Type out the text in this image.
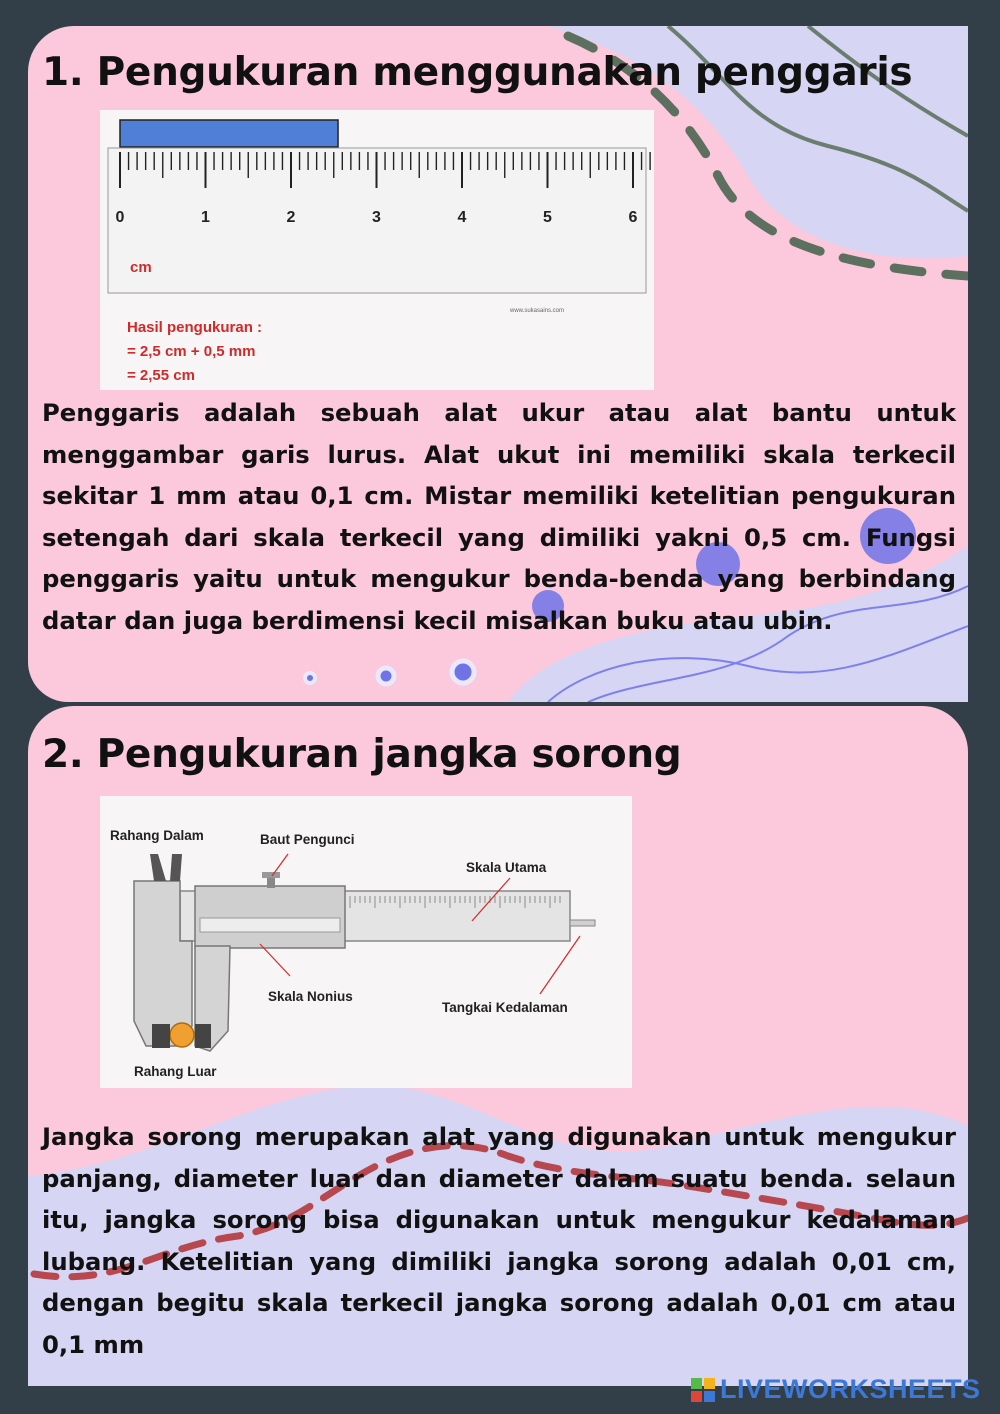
1. Pengukuran menggunakan penggaris
0	1	2	3	4	5	6
cm
www.sukasains.com
Hasil pengukuran :
= 2,5 cm + 0,5 mm
= 2,55 cm

Penggaris adalah sebuah alat ukur atau alat bantu untuk menggambar garis lurus. Alat ukut ini memiliki skala terkecil sekitar 1 mm atau 0,1 cm. Mistar memiliki ketelitian pengukuran setengah dari skala terkecil yang dimiliki yakni 0,5 cm. Fungsi penggaris yaitu untuk mengukur benda-benda yang berbindang datar dan juga berdimensi kecil misalkan buku atau ubin.

2. Pengukuran jangka sorong
Rahang Dalam	Baut Pengunci
Skala Utama
Skala Nonius
Tangkai Kedalaman
Rahang Luar

Jangka sorong merupakan alat yang digunakan untuk mengukur panjang, diameter luar dan diameter dalam suatu benda. selaun itu, jangka sorong bisa digunakan untuk mengukur kedalaman lubang. Ketelitian yang dimiliki jangka sorong adalah 0,01 cm, dengan begitu skala terkecil jangka sorong adalah 0,01 cm atau 0,1 mm

LIVEWORKSHEETS
